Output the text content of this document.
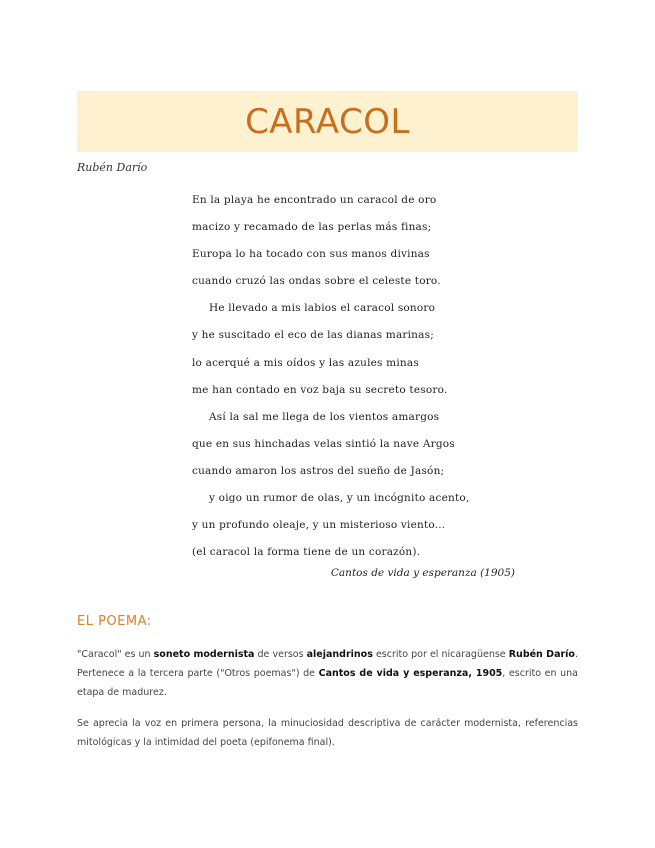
CARACOL
Rubén Darío
En la playa he encontrado un caracol de oro
macizo y recamado de las perlas más finas;
Europa lo ha tocado con sus manos divinas
cuando cruzó las ondas sobre el celeste toro.
He llevado a mis labios el caracol sonoro
y he suscitado el eco de las dianas marinas;
lo acerqué a mis oídos y las azules minas
me han contado en voz baja su secreto tesoro.
Así la sal me llega de los vientos amargos
que en sus hinchadas velas sintió la nave Argos
cuando amaron los astros del sueño de Jasón;
y oigo un rumor de olas, y un incógnito acento,
y un profundo oleaje, y un misterioso viento...
(el caracol la forma tiene de un corazón).
Cantos de vida y esperanza (1905)
EL POEMA:

"Caracol" es un soneto modernista de versos alejandrinos escrito por el nicaragüense Rubén Darío. Pertenece a la tercera parte ("Otros poemas") de Cantos de vida y esperanza, 1905, escrito en una etapa de madurez.

Se aprecia la voz en primera persona, la minuciosidad descriptiva de carácter modernista, referencias mitológicas y la intimidad del poeta (epifonema final).
